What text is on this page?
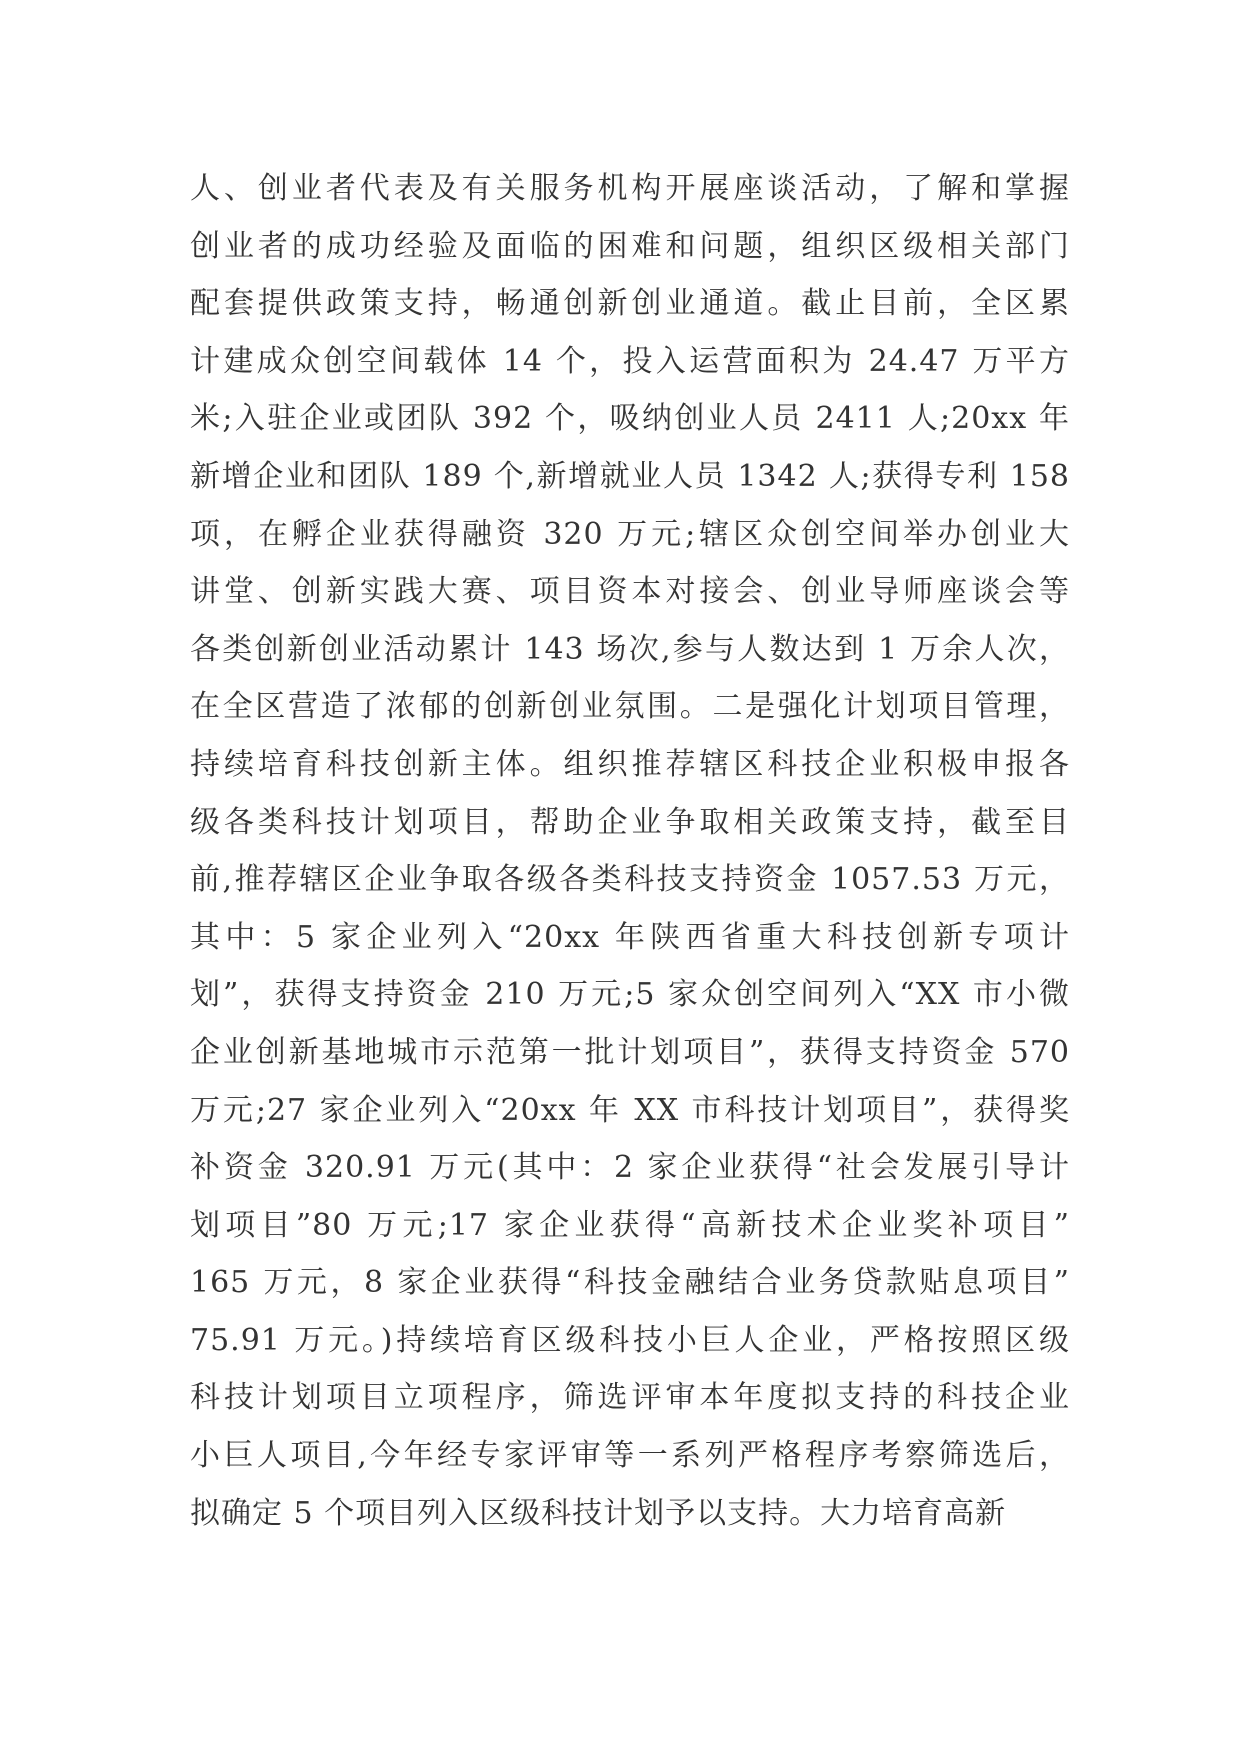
人、创业者代表及有关服务机构开展座谈活动，了解和掌握
创业者的成功经验及面临的困难和问题，组织区级相关部门
配套提供政策支持，畅通创新创业通道。截止目前，全区累
计建成众创空间载体 14 个，投入运营面积为 24.47 万平方
米;入驻企业或团队 392 个，吸纳创业人员 2411 人;20xx 年
新增企业和团队 189 个,新增就业人员 1342 人;获得专利 158
项，在孵企业获得融资 320 万元;辖区众创空间举办创业大
讲堂、创新实践大赛、项目资本对接会、创业导师座谈会等
各类创新创业活动累计 143 场次,参与人数达到 1 万余人次，
在全区营造了浓郁的创新创业氛围。二是强化计划项目管理，
持续培育科技创新主体。组织推荐辖区科技企业积极申报各
级各类科技计划项目，帮助企业争取相关政策支持，截至目
前,推荐辖区企业争取各级各类科技支持资金 1057.53 万元，
其中：5 家企业列入“20xx 年陕西省重大科技创新专项计
划”，获得支持资金 210 万元;5 家众创空间列入“XX 市小微
企业创新基地城市示范第一批计划项目”，获得支持资金 570
万元;27 家企业列入“20xx 年 XX 市科技计划项目”，获得奖
补资金 320.91 万元(其中：2 家企业获得“社会发展引导计
划项目”80 万元;17 家企业获得“高新技术企业奖补项目”
165 万元，8 家企业获得“科技金融结合业务贷款贴息项目”
75.91 万元。)持续培育区级科技小巨人企业，严格按照区级
科技计划项目立项程序，筛选评审本年度拟支持的科技企业
小巨人项目,今年经专家评审等一系列严格程序考察筛选后，
拟确定 5 个项目列入区级科技计划予以支持。大力培育高新
